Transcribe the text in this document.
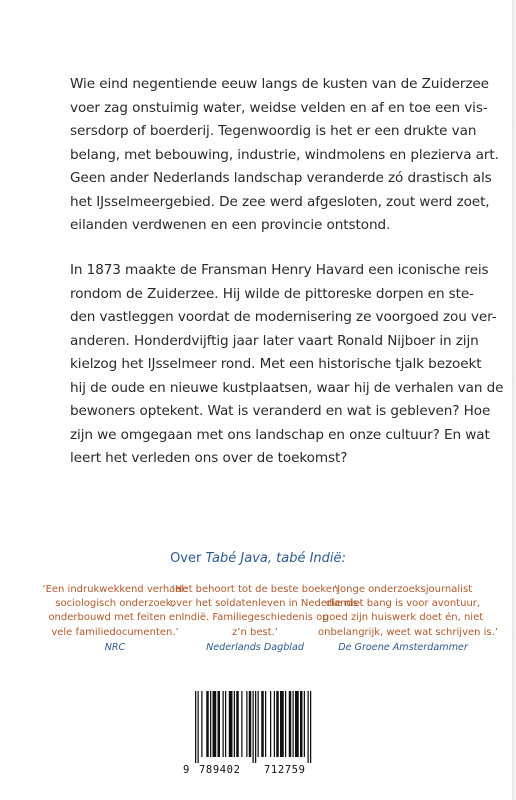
Wie eind negentiende eeuw langs de kusten van de Zuiderzee
voer zag onstuimig water, weidse velden en af en toe een vis-
sersdorp of boerderij. Tegenwoordig is het er een drukte van
belang, met bebouwing, industrie, windmolens en plezierva art.
Geen ander Nederlands landschap veranderde zó drastisch als
het IJsselmeergebied. De zee werd afgesloten, zout werd zoet,
eilanden verdwenen en een provincie ontstond.
In 1873 maakte de Fransman Henry Havard een iconische reis
rondom de Zuiderzee. Hij wilde de pittoreske dorpen en ste-
den vastleggen voordat de modernisering ze voorgoed zou ver-
anderen. Honderdvijftig jaar later vaart Ronald Nijboer in zijn
kielzog het IJsselmeer rond. Met een historische tjalk bezoekt
hij de oude en nieuwe kustplaatsen, waar hij de verhalen van de
bewoners optekent. Wat is veranderd en wat is gebleven? Hoe
zijn we omgegaan met ons landschap en onze cultuur? En wat
leert het verleden ons over de toekomst?
Over Tabé Java, tabé Indië:
‘Een indrukwekkend verhaal:
sociologisch onderzoek,
onderbouwd met feiten en
vele familiedocumenten.’
NRC
‘Het behoort tot de beste boeken
over het soldatenleven in Nederlands-
Indië. Familiegeschiedenis op
z’n best.’
Nederlands Dagblad
‘Jonge onderzoeksjournalist
die niet bang is voor avontuur,
goed zijn huiswerk doet én, niet
onbelangrijk, weet wat schrijven is.’
De Groene Amsterdammer
9 789402 712759
